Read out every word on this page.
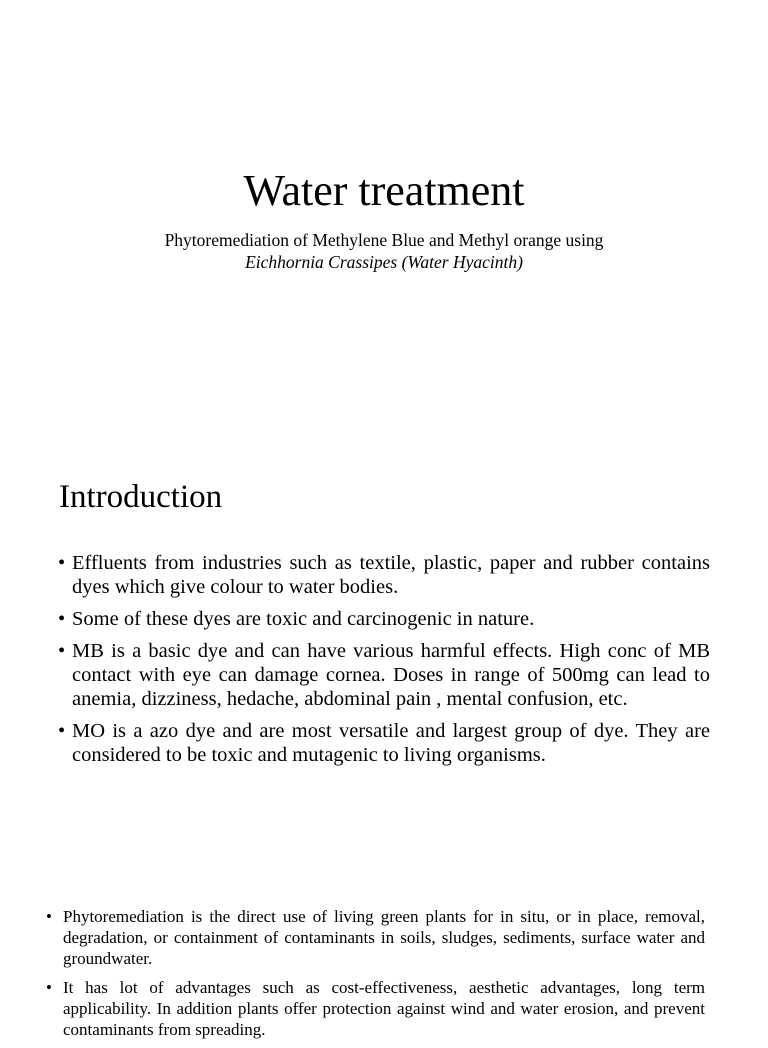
Water treatment

Phytoremediation of Methylene Blue and Methyl orange using
Eichhornia Crassipes (Water Hyacinth)

Introduction
• Effluents from industries such as textile, plastic, paper and rubber contains dyes which give colour to water bodies.
• Some of these dyes are toxic and carcinogenic in nature.
• MB is a basic dye and can have various harmful effects. High conc of MB contact with eye can damage cornea. Doses in range of 500mg can lead to anemia, dizziness, hedache, abdominal pain , mental confusion, etc.
• MO is a azo dye and are most versatile and largest group of dye. They are considered to be toxic and mutagenic to living organisms.
• Phytoremediation is the direct use of living green plants for in situ, or in place, removal, degradation, or containment of contaminants in soils, sludges, sediments, surface water and groundwater.
• It has lot of advantages such as cost-effectiveness, aesthetic advantages, long term applicability. In addition plants offer protection against wind and water erosion, and prevent contaminants from spreading.
